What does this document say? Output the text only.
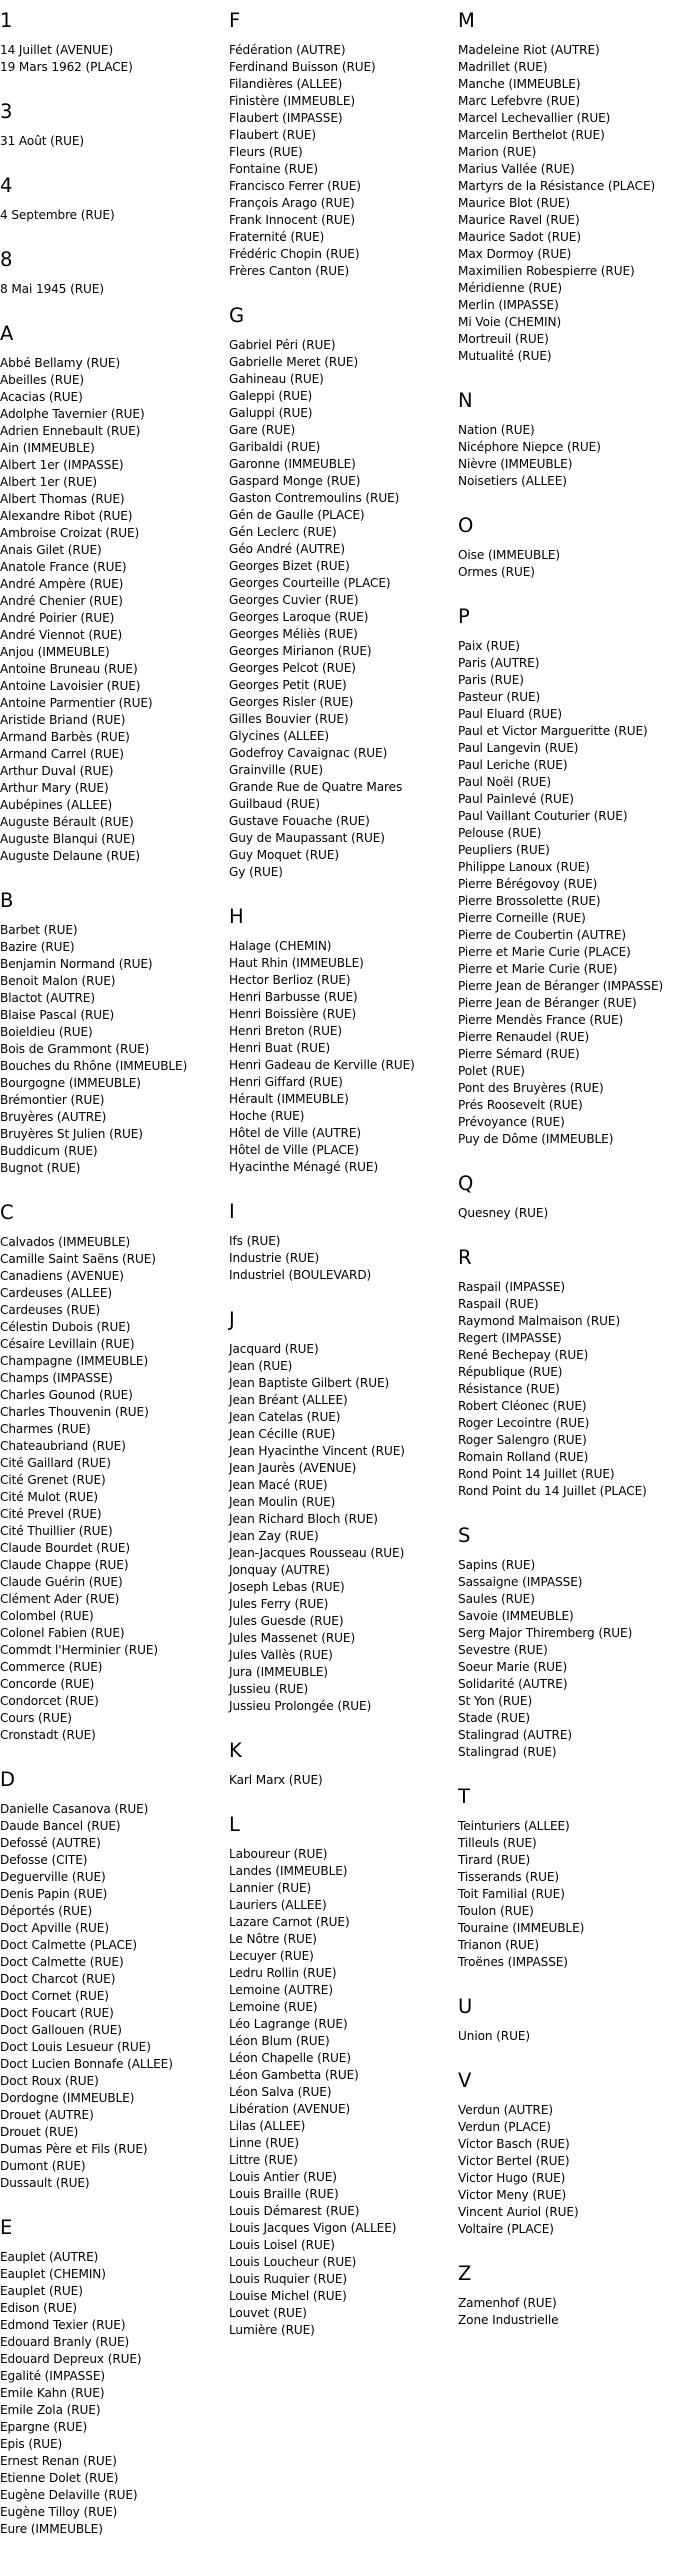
1
14 Juillet (AVENUE)
19 Mars 1962 (PLACE)
3
31 Août (RUE)
4
4 Septembre (RUE)
8
8 Mai 1945 (RUE)
A
Abbé Bellamy (RUE)
Abeilles (RUE)
Acacias (RUE)
Adolphe Tavernier (RUE)
Adrien Ennebault (RUE)
Ain (IMMEUBLE)
Albert 1er (IMPASSE)
Albert 1er (RUE)
Albert Thomas (RUE)
Alexandre Ribot (RUE)
Ambroise Croizat (RUE)
Anais Gilet (RUE)
Anatole France (RUE)
André Ampère (RUE)
André Chenier (RUE)
André Poirier (RUE)
André Viennot (RUE)
Anjou (IMMEUBLE)
Antoine Bruneau (RUE)
Antoine Lavoisier (RUE)
Antoine Parmentier (RUE)
Aristide Briand (RUE)
Armand Barbès (RUE)
Armand Carrel (RUE)
Arthur Duval (RUE)
Arthur Mary (RUE)
Aubépines (ALLEE)
Auguste Bérault (RUE)
Auguste Blanqui (RUE)
Auguste Delaune (RUE)
B
Barbet (RUE)
Bazire (RUE)
Benjamin Normand (RUE)
Benoit Malon (RUE)
Blactot (AUTRE)
Blaise Pascal (RUE)
Boieldieu (RUE)
Bois de Grammont (RUE)
Bouches du Rhône (IMMEUBLE)
Bourgogne (IMMEUBLE)
Brémontier (RUE)
Bruyères (AUTRE)
Bruyères St Julien (RUE)
Buddicum (RUE)
Bugnot (RUE)
C
Calvados (IMMEUBLE)
Camille Saint Saëns (RUE)
Canadiens (AVENUE)
Cardeuses (ALLEE)
Cardeuses (RUE)
Célestin Dubois (RUE)
Césaire Levillain (RUE)
Champagne (IMMEUBLE)
Champs (IMPASSE)
Charles Gounod (RUE)
Charles Thouvenin (RUE)
Charmes (RUE)
Chateaubriand (RUE)
Cité Gaillard (RUE)
Cité Grenet (RUE)
Cité Mulot (RUE)
Cité Prevel (RUE)
Cité Thuillier (RUE)
Claude Bourdet (RUE)
Claude Chappe (RUE)
Claude Guérin (RUE)
Clément Ader (RUE)
Colombel (RUE)
Colonel Fabien (RUE)
Commdt l'Herminier (RUE)
Commerce (RUE)
Concorde (RUE)
Condorcet (RUE)
Cours (RUE)
Cronstadt (RUE)
D
Danielle Casanova (RUE)
Daude Bancel (RUE)
Defossé (AUTRE)
Defosse (CITE)
Deguerville (RUE)
Denis Papin (RUE)
Déportés (RUE)
Doct Apville (RUE)
Doct Calmette (PLACE)
Doct Calmette (RUE)
Doct Charcot (RUE)
Doct Cornet (RUE)
Doct Foucart (RUE)
Doct Gallouen (RUE)
Doct Louis Lesueur (RUE)
Doct Lucien Bonnafe (ALLEE)
Doct Roux (RUE)
Dordogne (IMMEUBLE)
Drouet (AUTRE)
Drouet (RUE)
Dumas Père et Fils (RUE)
Dumont (RUE)
Dussault (RUE)
E
Eauplet (AUTRE)
Eauplet (CHEMIN)
Eauplet (RUE)
Edison (RUE)
Edmond Texier (RUE)
Edouard Branly (RUE)
Edouard Depreux (RUE)
Egalité (IMPASSE)
Emile Kahn (RUE)
Emile Zola (RUE)
Epargne (RUE)
Epis (RUE)
Ernest Renan (RUE)
Etienne Dolet (RUE)
Eugène Delaville (RUE)
Eugène Tilloy (RUE)
Eure (IMMEUBLE)
F
Fédération (AUTRE)
Ferdinand Buisson (RUE)
Filandières (ALLEE)
Finistère (IMMEUBLE)
Flaubert (IMPASSE)
Flaubert (RUE)
Fleurs (RUE)
Fontaine (RUE)
Francisco Ferrer (RUE)
François Arago (RUE)
Frank Innocent (RUE)
Fraternité (RUE)
Frédéric Chopin (RUE)
Frères Canton (RUE)
G
Gabriel Péri (RUE)
Gabrielle Meret (RUE)
Gahineau (RUE)
Galeppi (RUE)
Galuppi (RUE)
Gare (RUE)
Garibaldi (RUE)
Garonne (IMMEUBLE)
Gaspard Monge (RUE)
Gaston Contremoulins (RUE)
Gén de Gaulle (PLACE)
Gén Leclerc (RUE)
Géo André (AUTRE)
Georges Bizet (RUE)
Georges Courteille (PLACE)
Georges Cuvier (RUE)
Georges Laroque (RUE)
Georges Méliès (RUE)
Georges Mirianon (RUE)
Georges Pelcot (RUE)
Georges Petit (RUE)
Georges Risler (RUE)
Gilles Bouvier (RUE)
Glycines (ALLEE)
Godefroy Cavaignac (RUE)
Grainville (RUE)
Grande Rue de Quatre Mares
Guilbaud (RUE)
Gustave Fouache (RUE)
Guy de Maupassant (RUE)
Guy Moquet (RUE)
Gy (RUE)
H
Halage (CHEMIN)
Haut Rhin (IMMEUBLE)
Hector Berlioz (RUE)
Henri Barbusse (RUE)
Henri Boissière (RUE)
Henri Breton (RUE)
Henri Buat (RUE)
Henri Gadeau de Kerville (RUE)
Henri Giffard (RUE)
Hérault (IMMEUBLE)
Hoche (RUE)
Hôtel de Ville (AUTRE)
Hôtel de Ville (PLACE)
Hyacinthe Ménagé (RUE)
I
Ifs (RUE)
Industrie (RUE)
Industriel (BOULEVARD)
J
Jacquard (RUE)
Jean (RUE)
Jean Baptiste Gilbert (RUE)
Jean Bréant (ALLEE)
Jean Catelas (RUE)
Jean Cécille (RUE)
Jean Hyacinthe Vincent (RUE)
Jean Jaurès (AVENUE)
Jean Macé (RUE)
Jean Moulin (RUE)
Jean Richard Bloch (RUE)
Jean Zay (RUE)
Jean-Jacques Rousseau (RUE)
Jonquay (AUTRE)
Joseph Lebas (RUE)
Jules Ferry (RUE)
Jules Guesde (RUE)
Jules Massenet (RUE)
Jules Vallès (RUE)
Jura (IMMEUBLE)
Jussieu (RUE)
Jussieu Prolongée (RUE)
K
Karl Marx (RUE)
L
Laboureur (RUE)
Landes (IMMEUBLE)
Lannier (RUE)
Lauriers (ALLEE)
Lazare Carnot (RUE)
Le Nôtre (RUE)
Lecuyer (RUE)
Ledru Rollin (RUE)
Lemoine (AUTRE)
Lemoine (RUE)
Léo Lagrange (RUE)
Léon Blum (RUE)
Léon Chapelle (RUE)
Léon Gambetta (RUE)
Léon Salva (RUE)
Libération (AVENUE)
Lilas (ALLEE)
Linne (RUE)
Littre (RUE)
Louis Antier (RUE)
Louis Braille (RUE)
Louis Démarest (RUE)
Louis Jacques Vigon (ALLEE)
Louis Loisel (RUE)
Louis Loucheur (RUE)
Louis Ruquier (RUE)
Louise Michel (RUE)
Louvet (RUE)
Lumière (RUE)
M
Madeleine Riot (AUTRE)
Madrillet (RUE)
Manche (IMMEUBLE)
Marc Lefebvre (RUE)
Marcel Lechevallier (RUE)
Marcelin Berthelot (RUE)
Marion (RUE)
Marius Vallée (RUE)
Martyrs de la Résistance (PLACE)
Maurice Blot (RUE)
Maurice Ravel (RUE)
Maurice Sadot (RUE)
Max Dormoy (RUE)
Maximilien Robespierre (RUE)
Méridienne (RUE)
Merlin (IMPASSE)
Mi Voie (CHEMIN)
Mortreuil (RUE)
Mutualité (RUE)
N
Nation (RUE)
Nicéphore Niepce (RUE)
Nièvre (IMMEUBLE)
Noisetiers (ALLEE)
O
Oise (IMMEUBLE)
Ormes (RUE)
P
Paix (RUE)
Paris (AUTRE)
Paris (RUE)
Pasteur (RUE)
Paul Eluard (RUE)
Paul et Victor Margueritte (RUE)
Paul Langevin (RUE)
Paul Leriche (RUE)
Paul Noël (RUE)
Paul Painlevé (RUE)
Paul Vaillant Couturier (RUE)
Pelouse (RUE)
Peupliers (RUE)
Philippe Lanoux (RUE)
Pierre Bérégovoy (RUE)
Pierre Brossolette (RUE)
Pierre Corneille (RUE)
Pierre de Coubertin (AUTRE)
Pierre et Marie Curie (PLACE)
Pierre et Marie Curie (RUE)
Pierre Jean de Béranger (IMPASSE)
Pierre Jean de Béranger (RUE)
Pierre Mendès France (RUE)
Pierre Renaudel (RUE)
Pierre Sémard (RUE)
Polet (RUE)
Pont des Bruyères (RUE)
Prés Roosevelt (RUE)
Prévoyance (RUE)
Puy de Dôme (IMMEUBLE)
Q
Quesney (RUE)
R
Raspail (IMPASSE)
Raspail (RUE)
Raymond Malmaison (RUE)
Regert (IMPASSE)
René Bechepay (RUE)
République (RUE)
Résistance (RUE)
Robert Cléonec (RUE)
Roger Lecointre (RUE)
Roger Salengro (RUE)
Romain Rolland (RUE)
Rond Point 14 Juillet (RUE)
Rond Point du 14 Juillet (PLACE)
S
Sapins (RUE)
Sassaigne (IMPASSE)
Saules (RUE)
Savoie (IMMEUBLE)
Serg Major Thiremberg (RUE)
Sevestre (RUE)
Soeur Marie (RUE)
Solidarité (AUTRE)
St Yon (RUE)
Stade (RUE)
Stalingrad (AUTRE)
Stalingrad (RUE)
T
Teinturiers (ALLEE)
Tilleuls (RUE)
Tirard (RUE)
Tisserands (RUE)
Toit Familial (RUE)
Toulon (RUE)
Touraine (IMMEUBLE)
Trianon (RUE)
Troënes (IMPASSE)
U
Union (RUE)
V
Verdun (AUTRE)
Verdun (PLACE)
Victor Basch (RUE)
Victor Bertel (RUE)
Victor Hugo (RUE)
Victor Meny (RUE)
Vincent Auriol (RUE)
Voltaire (PLACE)
Z
Zamenhof (RUE)
Zone Industrielle
